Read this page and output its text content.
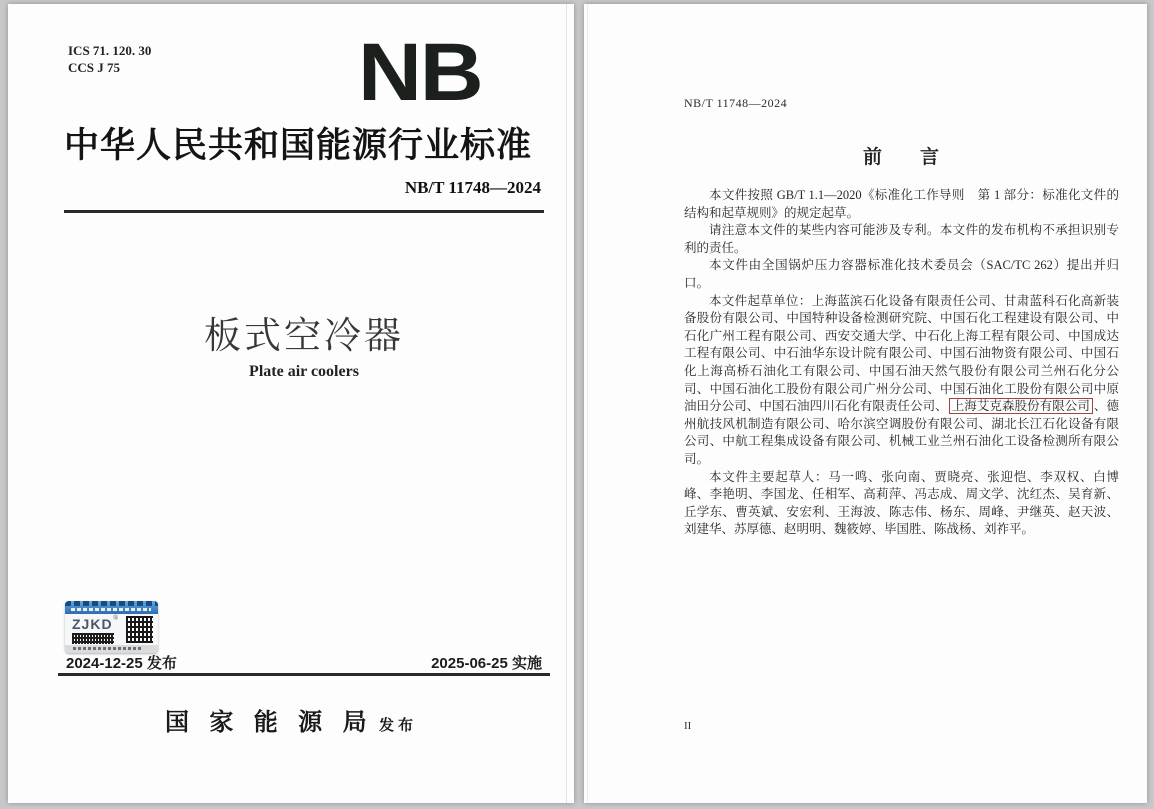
ICS 71. 120. 30
CCS J 75	NB
中华人民共和国能源行业标准
NB/T 11748—2024
板式空冷器
Plate air coolers
ZJKD ®
2024-12-25 发布	2025-06-25 实施
国家能源局
发布
NB/T 11748—2024
前　　言

本文件按照 GB/T 1.1—2020《标准化工作导则　第 1 部分：标准化文件的结构和起草规则》的规定起草。

请注意本文件的某些内容可能涉及专利。本文件的发布机构不承担识别专利的责任。

本文件由全国锅炉压力容器标准化技术委员会（SAC/TC 262）提出并归口。

本文件起草单位：上海蓝滨石化设备有限责任公司、甘肃蓝科石化高新装备股份有限公司、中国特种设备检测研究院、中国石化工程建设有限公司、中石化广州工程有限公司、西安交通大学、中石化上海工程有限公司、中国成达工程有限公司、中石油华东设计院有限公司、中国石油物资有限公司、中国石化上海高桥石油化工有限公司、中国石油天然气股份有限公司兰州石化分公司、中国石油化工股份有限公司广州分公司、中国石油化工股份有限公司中原油田分公司、中国石油四川石化有限责任公司、 上海艾克森股份有限公司 、德州航技风机制造有限公司、哈尔滨空调股份有限公司、湖北长江石化设备有限公司、中航工程集成设备有限公司、机械工业兰州石油化工设备检测所有限公司。

本文件主要起草人：马一鸣、张向南、贾晓亮、张迎恺、李双权、白博峰、李艳明、李国龙、任相军、高莉萍、冯志成、周文学、沈红杰、吴育新、丘学东、曹英斌、安宏利、王海波、陈志伟、杨东、周峰、尹继英、赵天波、刘建华、苏厚德、赵明明、魏筱婷、毕国胜、陈战杨、刘祚平。

II
